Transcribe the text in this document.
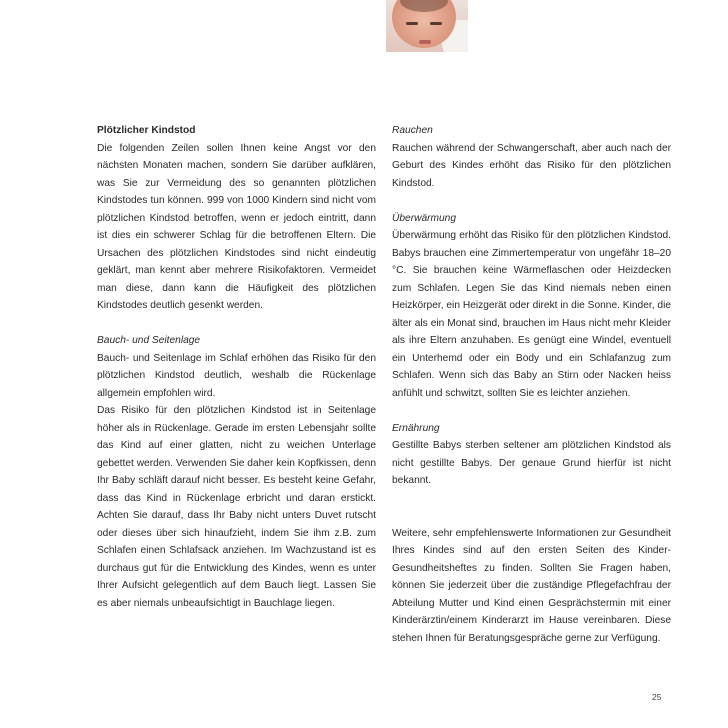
Plötzlicher Kindstod

Die folgenden Zeilen sollen Ihnen keine Angst vor den nächsten Monaten machen, sondern Sie darüber aufklären, was Sie zur Vermeidung des so genannten plötzlichen Kindstodes tun können. 999 von 1000 Kindern sind nicht vom plötzlichen Kindstod betroffen, wenn er jedoch eintritt, dann ist dies ein schwerer Schlag für die betroffenen Eltern. Die Ursachen des plötzlichen Kindstodes sind nicht eindeutig geklärt, man kennt aber mehrere Risikofaktoren. Vermeidet man diese, dann kann die Häufigkeit des plötzlichen Kindstodes deutlich gesenkt werden.

Bauch- und Seitenlage

Bauch- und Seitenlage im Schlaf erhöhen das Risiko für den plötzlichen Kindstod deutlich, weshalb die Rückenlage allgemein empfohlen wird.

Das Risiko für den plötzlichen Kindstod ist in Seitenlage höher als in Rückenlage. Gerade im ersten Lebensjahr sollte das Kind auf einer glatten, nicht zu weichen Unterlage gebettet werden. Verwenden Sie daher kein Kopfkissen, denn Ihr Baby schläft darauf nicht besser. Es besteht keine Gefahr, dass das Kind in Rückenlage erbricht und daran erstickt. Achten Sie darauf, dass Ihr Baby nicht unters Duvet rutscht oder dieses über sich hinaufzieht, indem Sie ihm z.B. zum Schlafen einen Schlafsack anziehen. Im Wachzustand ist es durchaus gut für die Entwicklung des Kindes, wenn es unter Ihrer Aufsicht gelegentlich auf dem Bauch liegt. Lassen Sie es aber niemals unbeaufsichtigt in Bauchlage liegen.

Rauchen

Rauchen während der Schwangerschaft, aber auch nach der Geburt des Kindes erhöht das Risiko für den plötzlichen Kindstod.

Überwärmung

Überwärmung erhöht das Risiko für den plötzlichen Kindstod. Babys brauchen eine Zimmertemperatur von ungefähr 18–20 °C. Sie brauchen keine Wärmeflaschen oder Heizdecken zum Schlafen. Legen Sie das Kind niemals neben einen Heizkörper, ein Heizgerät oder direkt in die Sonne. Kinder, die älter als ein Monat sind, brauchen im Haus nicht mehr Kleider als ihre Eltern anzuhaben. Es genügt eine Windel, eventuell ein Unterhemd oder ein Body und ein Schlafanzug zum Schlafen. Wenn sich das Baby an Stirn oder Nacken heiss anfühlt und schwitzt, sollten Sie es leichter anziehen.

Ernährung

Gestillte Babys sterben seltener am plötzlichen Kindstod als nicht gestillte Babys. Der genaue Grund hierfür ist nicht bekannt.

Weitere, sehr empfehlenswerte Informationen zur Gesundheit Ihres Kindes sind auf den ersten Seiten des Kinder-Gesundheitsheftes zu finden. Sollten Sie Fragen haben, können Sie jederzeit über die zuständige Pflegefachfrau der Abteilung Mutter und Kind einen Gesprächstermin mit einer Kinderärztin/einem Kinderarzt im Hause vereinbaren. Diese stehen Ihnen für Beratungsgespräche gerne zur Verfügung.

25
